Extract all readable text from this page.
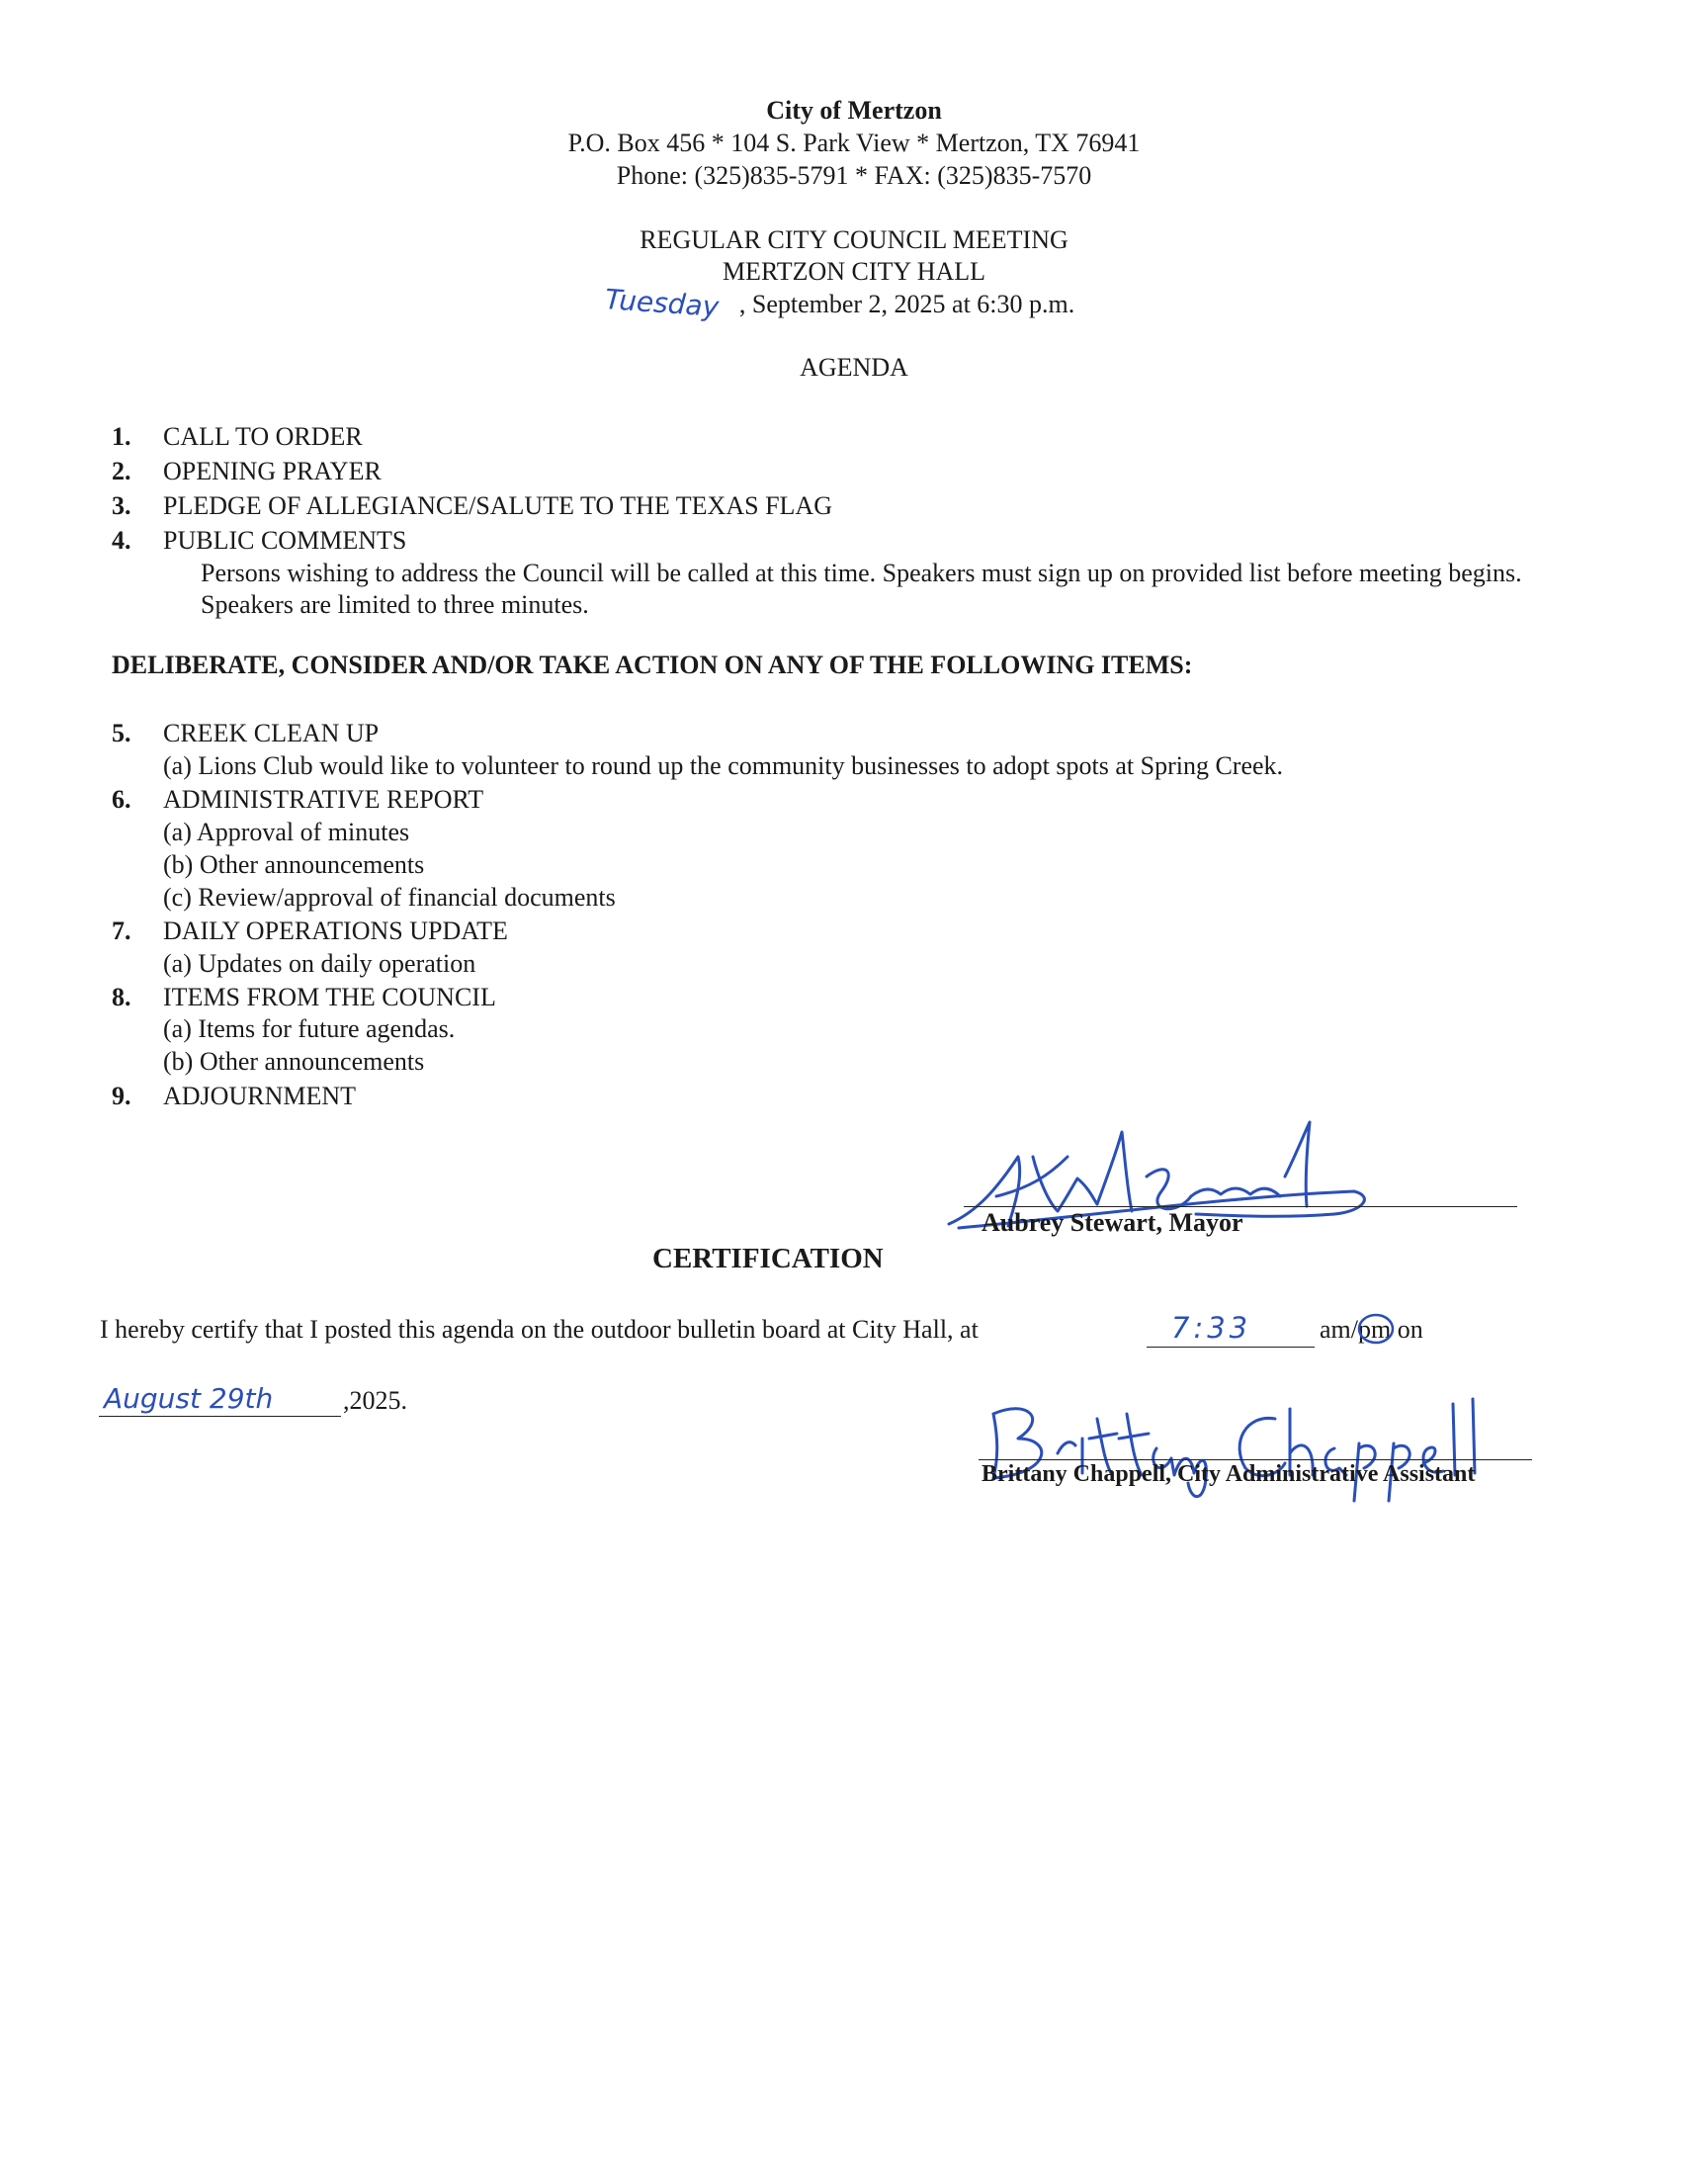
City of Mertzon
P.O. Box 456 * 104 S. Park View * Mertzon, TX 76941
Phone: (325)835-5791 * FAX: (325)835-7570
REGULAR CITY COUNCIL MEETING
MERTZON CITY HALL
Tuesday , September 2, 2025 at 6:30 p.m.
AGENDA
1. CALL TO ORDER
2. OPENING PRAYER
3. PLEDGE OF ALLEGIANCE/SALUTE TO THE TEXAS FLAG
4. PUBLIC COMMENTS
Persons wishing to address the Council will be called at this time. Speakers must sign up on provided list before meeting begins. Speakers are limited to three minutes.
DELIBERATE, CONSIDER AND/OR TAKE ACTION ON ANY OF THE FOLLOWING ITEMS:
5. CREEK CLEAN UP
(a) Lions Club would like to volunteer to round up the community businesses to adopt spots at Spring Creek.
6. ADMINISTRATIVE REPORT
(a) Approval of minutes
(b) Other announcements
(c) Review/approval of financial documents
7. DAILY OPERATIONS UPDATE
(a) Updates on daily operation
8. ITEMS FROM THE COUNCIL
(a) Items for future agendas.
(b) Other announcements
9. ADJOURNMENT
Aubrey Stewart, Mayor
CERTIFICATION
I hereby certify that I posted this agenda on the outdoor bulletin board at City Hall, at	7:33	am/pm on
August 29th	,2025.
Brittany Chappell, City Administrative Assistant
